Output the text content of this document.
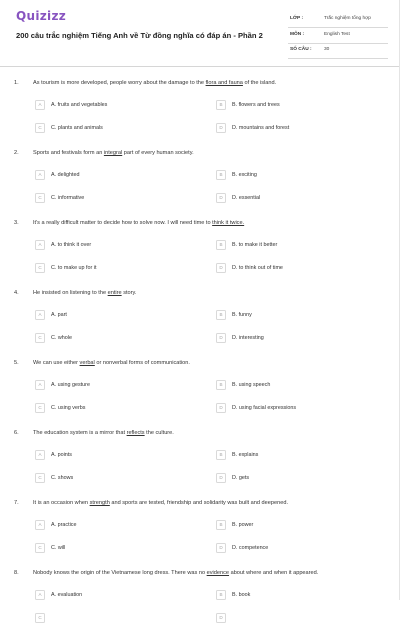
Quizizz
200 câu trắc nghiệm Tiếng Anh về Từ đồng nghĩa có đáp án - Phần 2
LỚP :	Trắc nghiệm tổng hợp
MÔN :	English Test
SỐ CÂU :	30
1.	As tourism is more developed, people worry about the damage to the flora and fauna of the island.
A	A. fruits and vegetables	B	B. flowers and trees
C	C. plants and animals	D	D. mountains and forest
2.	Sports and festivals form an integral part of every human society.
A	A. delighted	B	B. exciting
C	C. informative	D	D. essential
3.	It's a really difficult matter to decide how to solve now. I will need time to think it twice.
A	A. to think it over	B	B. to make it better
C	C. to make up for it	D	D. to think out of time
4.	He insisted on listening to the entire story.
A	A. part	B	B. funny
C	C. whole	D	D. interesting
5.	We can use either verbal or nonverbal forms of communication.
A	A. using gesture	B	B. using speech
C	C. using verbs	D	D. using facial expressions
6.	The education system is a mirror that reflects the culture.
A	A. points	B	B. explains
C	C. shows	D	D. gets
7.	It is an occasion when strength and sports are tested, friendship and solidarity was built and deepened.
A	A. practice	B	B. power
C	C. will	D	D. competence
8.	Nobody knows the origin of the Vietnamese long dress. There was no evidence about where and when it appeared.
A	A. evaluation	B	B. book
C	D
